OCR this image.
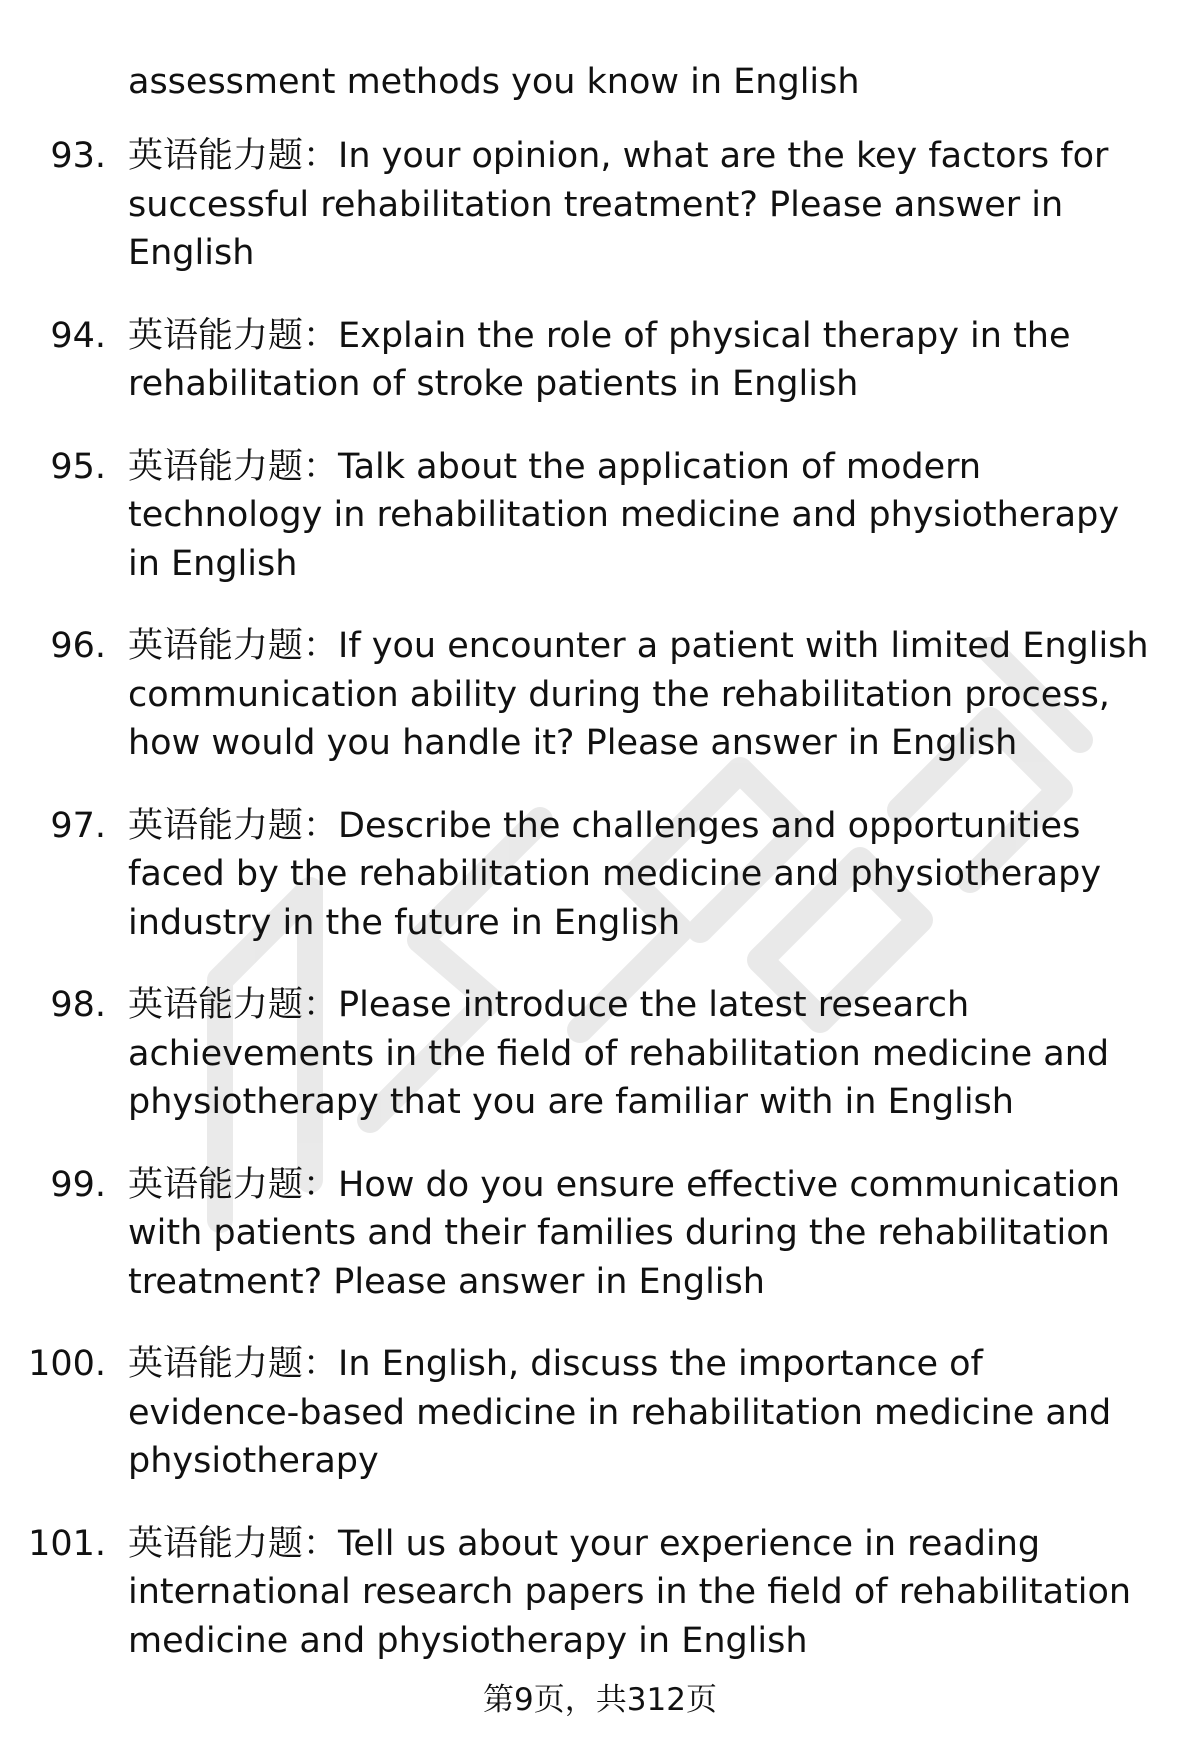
assessment methods you know in English
93. 英语能力题：In your opinion, what are the key factors for successful rehabilitation treatment? Please answer in English
94. 英语能力题：Explain the role of physical therapy in the rehabilitation of stroke patients in English
95. 英语能力题：Talk about the application of modern technology in rehabilitation medicine and physiotherapy in English
96. 英语能力题：If you encounter a patient with limited English communication ability during the rehabilitation process, how would you handle it? Please answer in English
97. 英语能力题：Describe the challenges and opportunities faced by the rehabilitation medicine and physiotherapy industry in the future in English
98. 英语能力题：Please introduce the latest research achievements in the field of rehabilitation medicine and physiotherapy that you are familiar with in English
99. 英语能力题：How do you ensure effective communication with patients and their families during the rehabilitation treatment? Please answer in English
100. 英语能力题：In English, discuss the importance of evidence-based medicine in rehabilitation medicine and physiotherapy
101. 英语能力题：Tell us about your experience in reading international research papers in the field of rehabilitation medicine and physiotherapy in English
第9页，共312页
